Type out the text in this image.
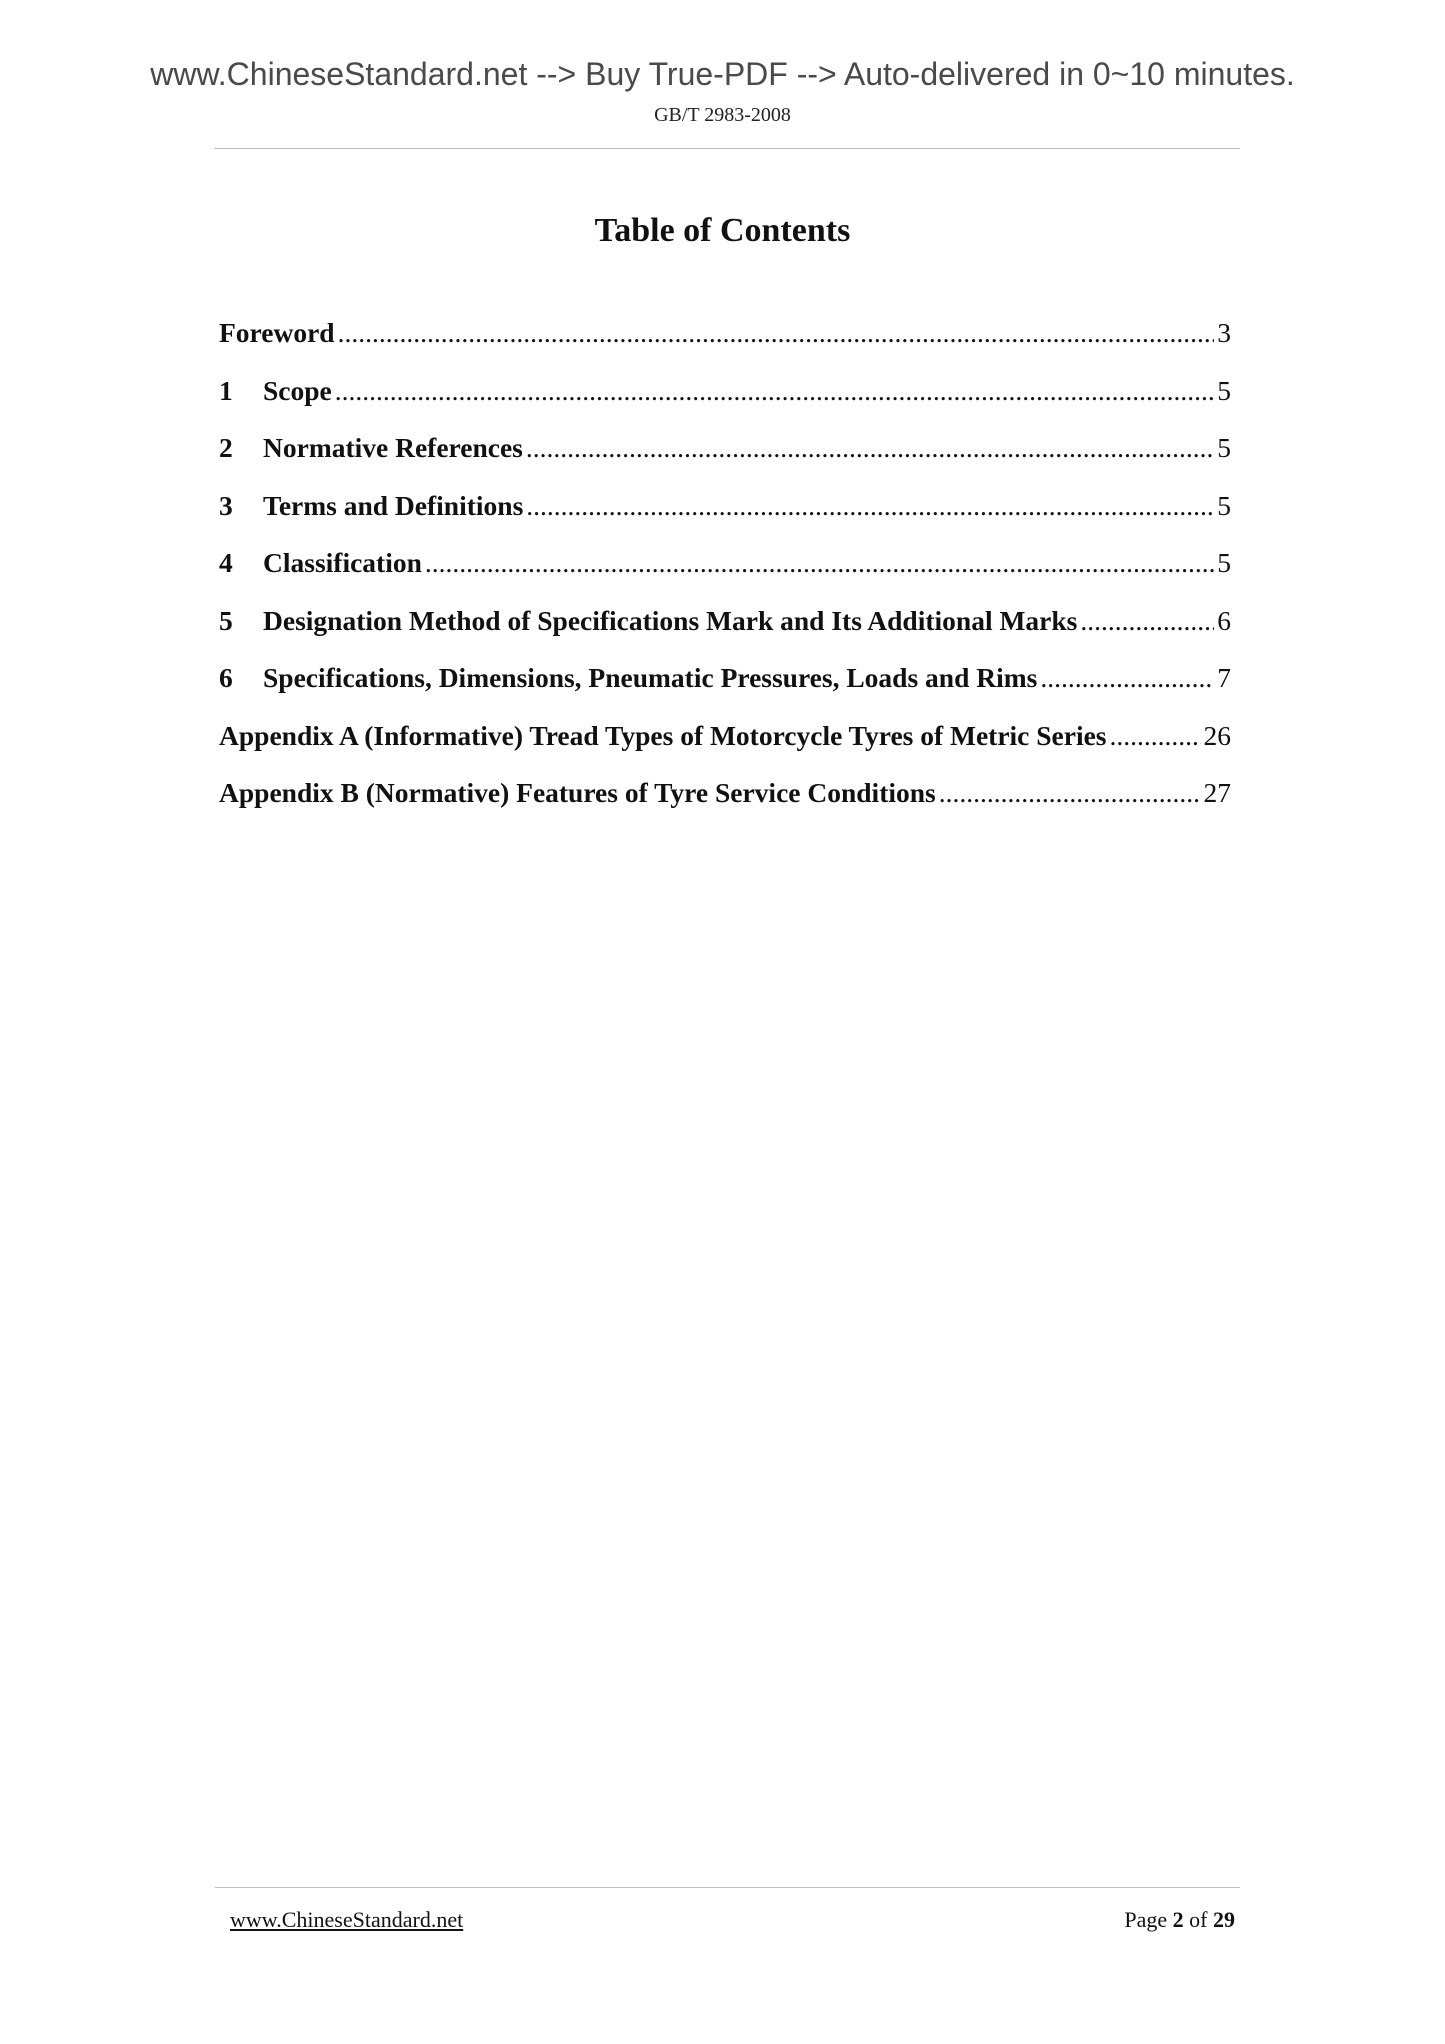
www.ChineseStandard.net --> Buy True-PDF --> Auto-delivered in 0~10 minutes.
GB/T 2983-2008
Table of Contents
Foreword .....	3
1	Scope .....	5
2	Normative References .....	5
3	Terms and Definitions .....	5
4	Classification .....	5
5	Designation Method of Specifications Mark and Its Additional Marks .....	6
6	Specifications, Dimensions, Pneumatic Pressures, Loads and Rims .....	7
Appendix A (Informative) Tread Types of Motorcycle Tyres of Metric Series .....	26
Appendix B (Normative) Features of Tyre Service Conditions .....	27
www.ChineseStandard.net	Page 2 of 29
